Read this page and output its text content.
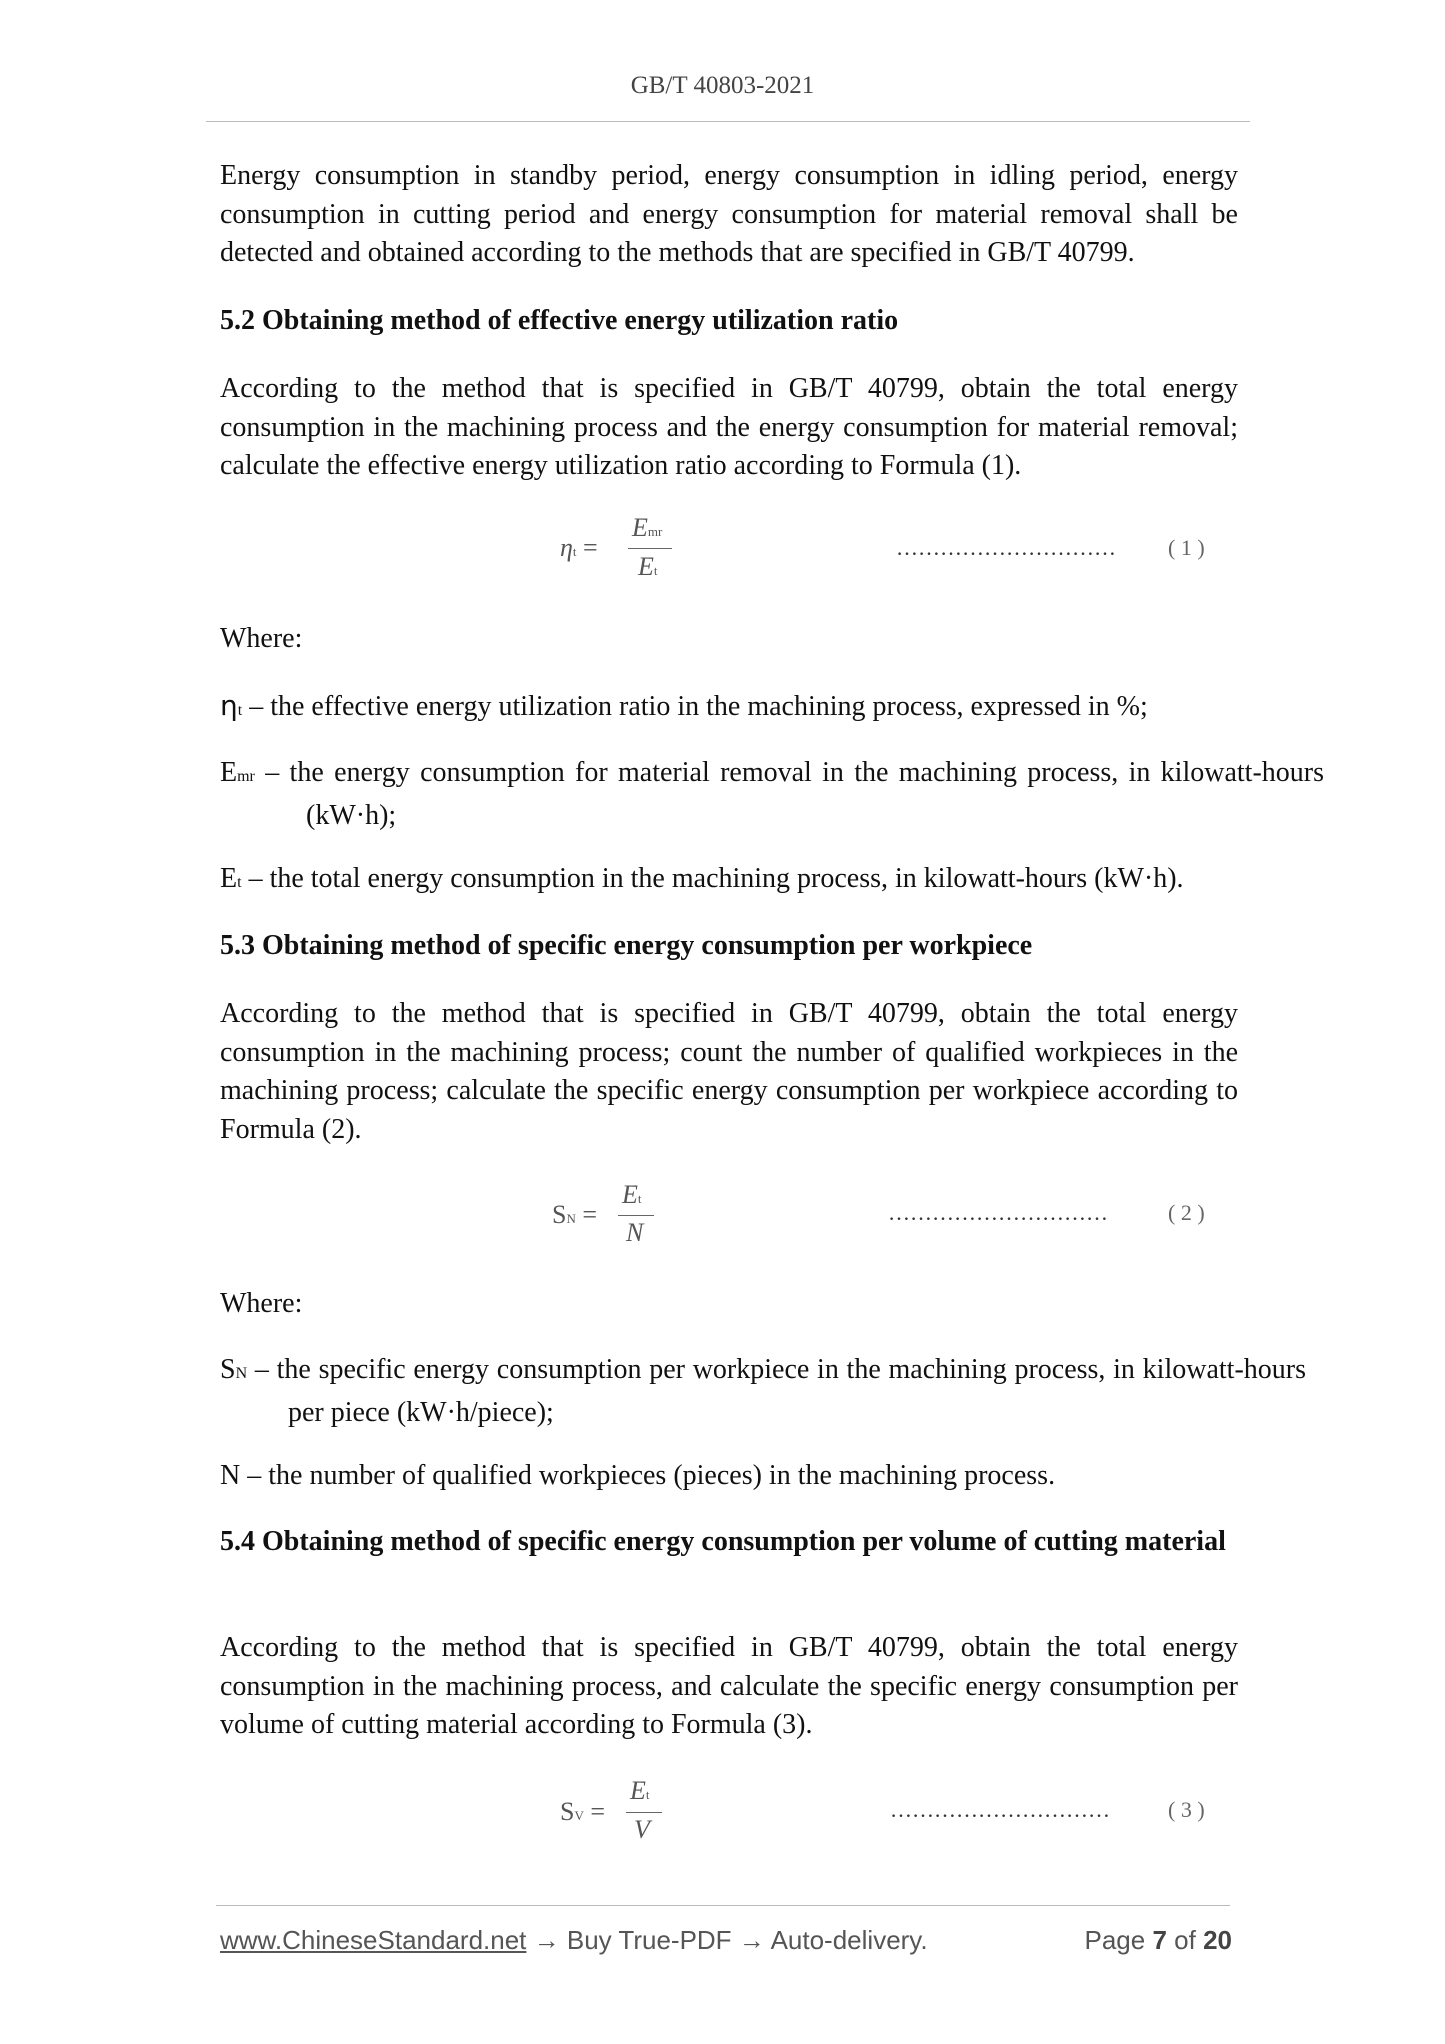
GB/T 40803-2021

Energy consumption in standby period, energy consumption in idling period, energy consumption in cutting period and energy consumption for material removal shall be detected and obtained according to the methods that are specified in GB/T 40799.

5.2 Obtaining method of effective energy utilization ratio

According to the method that is specified in GB/T 40799, obtain the total energy consumption in the machining process and the energy consumption for material removal; calculate the effective energy utilization ratio according to Formula (1).

ηt =
Emr
Et
………………………… ( 1 )

Where:

ηt – the effective energy utilization ratio in the machining process, expressed in %;

Emr – the energy consumption for material removal in the machining process, in kilowatt-hours (kW·h);

Et – the total energy consumption in the machining process, in kilowatt-hours (kW·h).

5.3 Obtaining method of specific energy consumption per workpiece

According to the method that is specified in GB/T 40799, obtain the total energy consumption in the machining process; count the number of qualified workpieces in the machining process; calculate the specific energy consumption per workpiece according to Formula (2).

SN =
Et
N
…………………………	( 2 )

Where:

SN – the specific energy consumption per workpiece in the machining process, in kilowatt-hours per piece (kW·h/piece);

N – the number of qualified workpieces (pieces) in the machining process.

5.4 Obtaining method of specific energy consumption per volume of cutting material

According to the method that is specified in GB/T 40799, obtain the total energy consumption in the machining process, and calculate the specific energy consumption per volume of cutting material according to Formula (3).

SV =
Et
V
…………………………	( 3 )
www.ChineseStandard.net → Buy True-PDF → Auto-delivery.	Page 7 of 20
